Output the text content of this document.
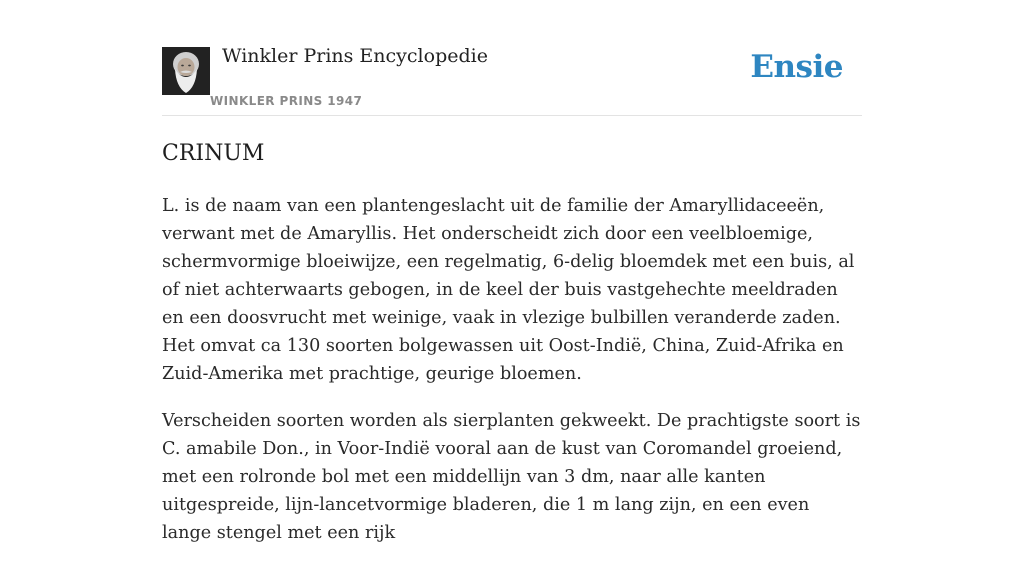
Winkler Prins Encyclopedie
WINKLER PRINS 1947
Ensie
CRINUM

L. is de naam van een plantengeslacht uit de familie der Amaryllidaceeën, verwant met de Amaryllis. Het onderscheidt zich door een veelbloemige, schermvormige bloeiwijze, een regelmatig, 6-delig bloemdek met een buis, al of niet achterwaarts gebogen, in de keel der buis vastgehechte meeldraden en een doosvrucht met weinige, vaak in vlezige bulbillen veranderde zaden. Het omvat ca 130 soorten bolgewassen uit Oost-Indië, China, Zuid-Afrika en Zuid-Amerika met prachtige, geurige bloemen.

Verscheiden soorten worden als sierplanten gekweekt. De prachtigste soort is C. amabile Don., in Voor-Indië vooral aan de kust van Coromandel groeiend, met een rolronde bol met een middellijn van 3 dm, naar alle kanten uitgespreide, lijn-lancetvormige bladeren, die 1 m lang zijn, en een even lange stengel met een rijk
